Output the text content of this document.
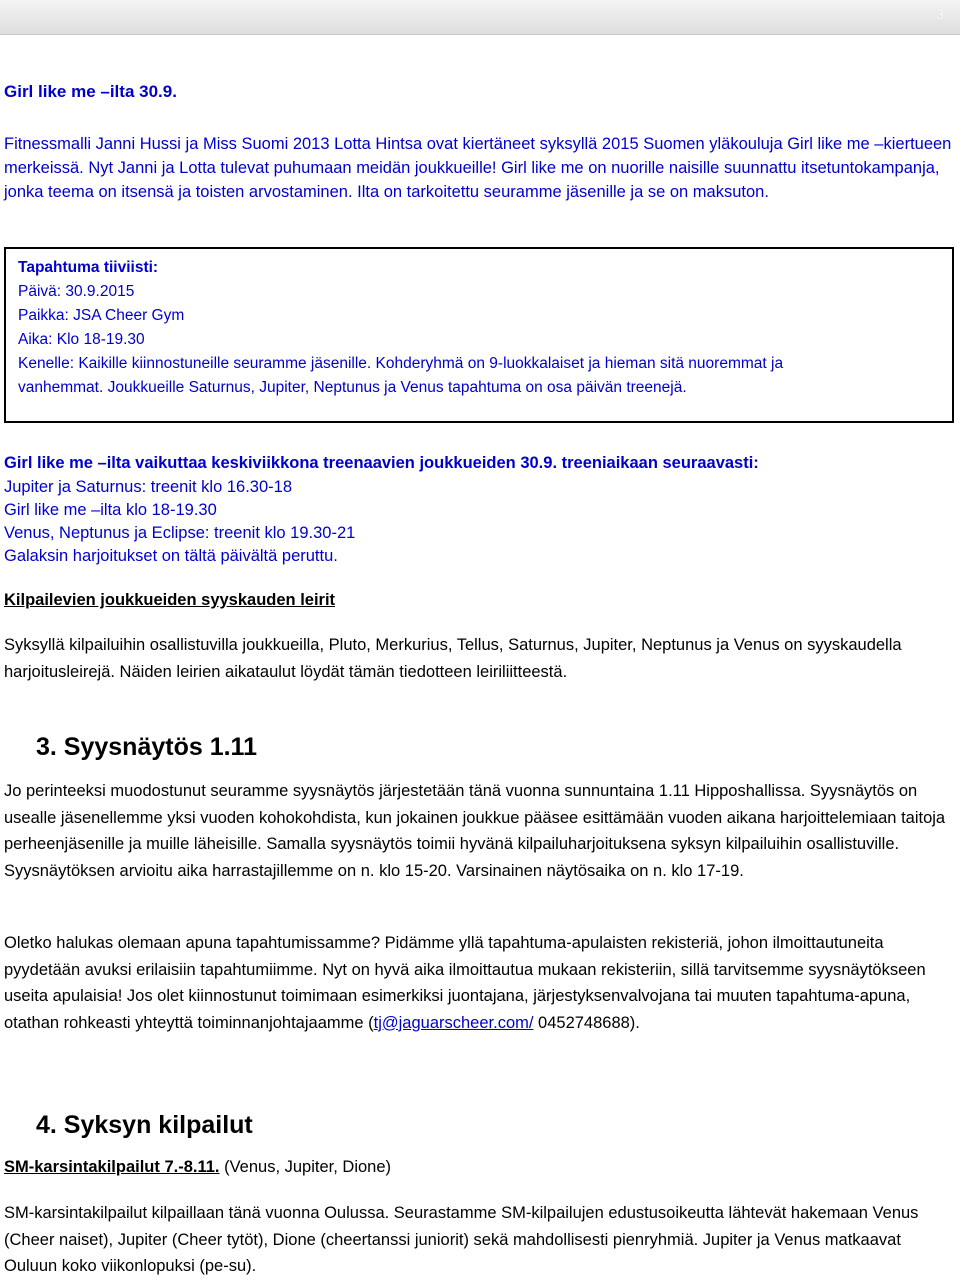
3

Girl like me –ilta 30.9.

Fitnessmalli Janni Hussi ja Miss Suomi 2013 Lotta Hintsa ovat kiertäneet syksyllä 2015 Suomen yläkouluja Girl like me –kiertueen merkeissä. Nyt Janni ja Lotta tulevat puhumaan meidän joukkueille! Girl like me on nuorille naisille suunnattu itsetuntokampanja, jonka teema on itsensä ja toisten arvostaminen. Ilta on tarkoitettu seuramme jäsenille ja se on maksuton.

Tapahtuma tiiviisti:
Päivä: 30.9.2015
Paikka: JSA Cheer Gym
Aika: Klo 18-19.30
Kenelle: Kaikille kiinnostuneille seuramme jäsenille. Kohderyhmä on 9-luokkalaiset ja hieman sitä nuoremmat ja
vanhemmat. Joukkueille Saturnus, Jupiter, Neptunus ja Venus tapahtuma on osa päivän treenejä.
Girl like me –ilta vaikuttaa keskiviikkona treenaavien joukkueiden 30.9. treeniaikaan seuraavasti:
Jupiter ja Saturnus: treenit klo 16.30-18
Girl like me –ilta klo 18-19.30
Venus, Neptunus ja Eclipse: treenit klo 19.30-21
Galaksin harjoitukset on tältä päivältä peruttu.

Kilpailevien joukkueiden syyskauden leirit

Syksyllä kilpailuihin osallistuvilla joukkueilla, Pluto, Merkurius, Tellus, Saturnus, Jupiter, Neptunus ja Venus on syyskaudella harjoitusleirejä. Näiden leirien aikataulut löydät tämän tiedotteen leiriliitteestä.

3. Syysnäytös 1.11

Jo perinteeksi muodostunut seuramme syysnäytös järjestetään tänä vuonna sunnuntaina 1.11 Hipposhallissa. Syysnäytös on usealle jäsenellemme yksi vuoden kohokohdista, kun jokainen joukkue pääsee esittämään vuoden aikana harjoittelemiaan taitoja perheenjäsenille ja muille läheisille. Samalla syysnäytös toimii hyvänä kilpailuharjoituksena syksyn kilpailuihin osallistuville. Syysnäytöksen arvioitu aika harrastajillemme on n. klo 15-20. Varsinainen näytösaika on n. klo 17-19.

Oletko halukas olemaan apuna tapahtumissamme? Pidämme yllä tapahtuma-apulaisten rekisteriä, johon ilmoittautuneita pyydetään avuksi erilaisiin tapahtumiimme. Nyt on hyvä aika ilmoittautua mukaan rekisteriin, sillä tarvitsemme syysnäytökseen useita apulaisia! Jos olet kiinnostunut toimimaan esimerkiksi juontajana, järjestyksenvalvojana tai muuten tapahtuma-apuna, otathan rohkeasti yhteyttä toiminnanjohtajaamme (tj@jaguarscheer.com/ 0452748688).

4. Syksyn kilpailut

SM-karsintakilpailut 7.-8.11. (Venus, Jupiter, Dione)

SM-karsintakilpailut kilpaillaan tänä vuonna Oulussa. Seurastamme SM-kilpailujen edustusoikeutta lähtevät hakemaan Venus (Cheer naiset), Jupiter (Cheer tytöt), Dione (cheertanssi juniorit) sekä mahdollisesti pienryhmiä. Jupiter ja Venus matkaavat Ouluun koko viikonlopuksi (pe-su).
